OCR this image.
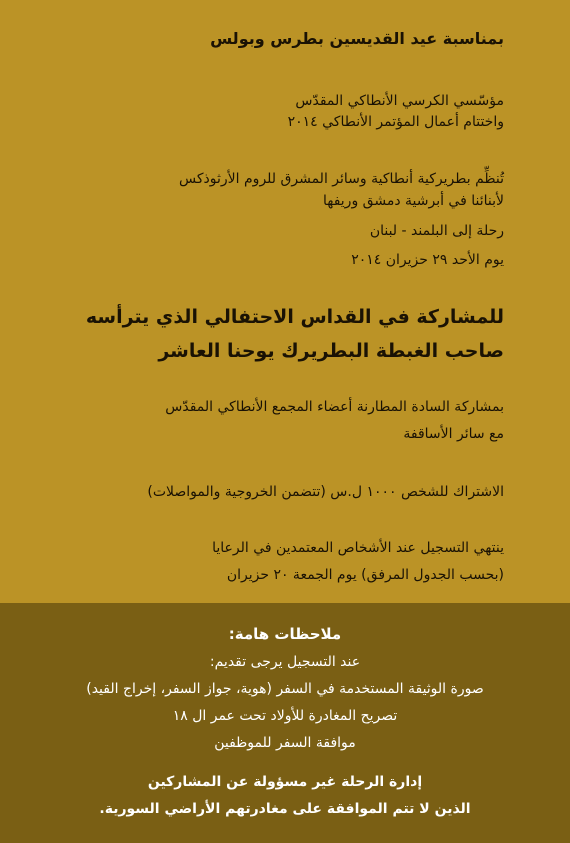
بمناسبة عيد القديسين بطرس وبولس
مؤسّسي الكرسي الأنطاكي المقدّس
واختتام أعمال المؤتمر الأنطاكي ٢٠١٤
تُنظِّم بطريركية أنطاكية وسائر المشرق للروم الأرثوذكس
لأبنائنا في أبرشية دمشق وريفها
رحلة إلى البلمند - لبنان
يوم الأحد ٢٩ حزيران ٢٠١٤
للمشاركة في القداس الاحتفالي الذي يترأسه
صاحب الغبطة البطريرك يوحنا العاشر
بمشاركة السادة المطارنة أعضاء المجمع الأنطاكي المقدّس
مع سائر الأساقفة
الاشتراك للشخص ١٠٠٠ ل.س (تتضمن الخروجية والمواصلات)
ينتهي التسجيل عند الأشخاص المعتمدين في الرعايا
(بحسب الجدول المرفق) يوم الجمعة ٢٠ حزيران
ملاحظات هامة:
عند التسجيل يرجى تقديم:
صورة الوثيقة المستخدمة في السفر (هوية، جواز السفر، إخراج القيد)
تصريح المغادرة للأولاد تحت عمر ال ١٨
موافقة السفر للموظفين
إدارة الرحلة غير مسؤولة عن المشاركين
الذين لا تتم الموافقة على مغادرتهم الأراضي السورية.
